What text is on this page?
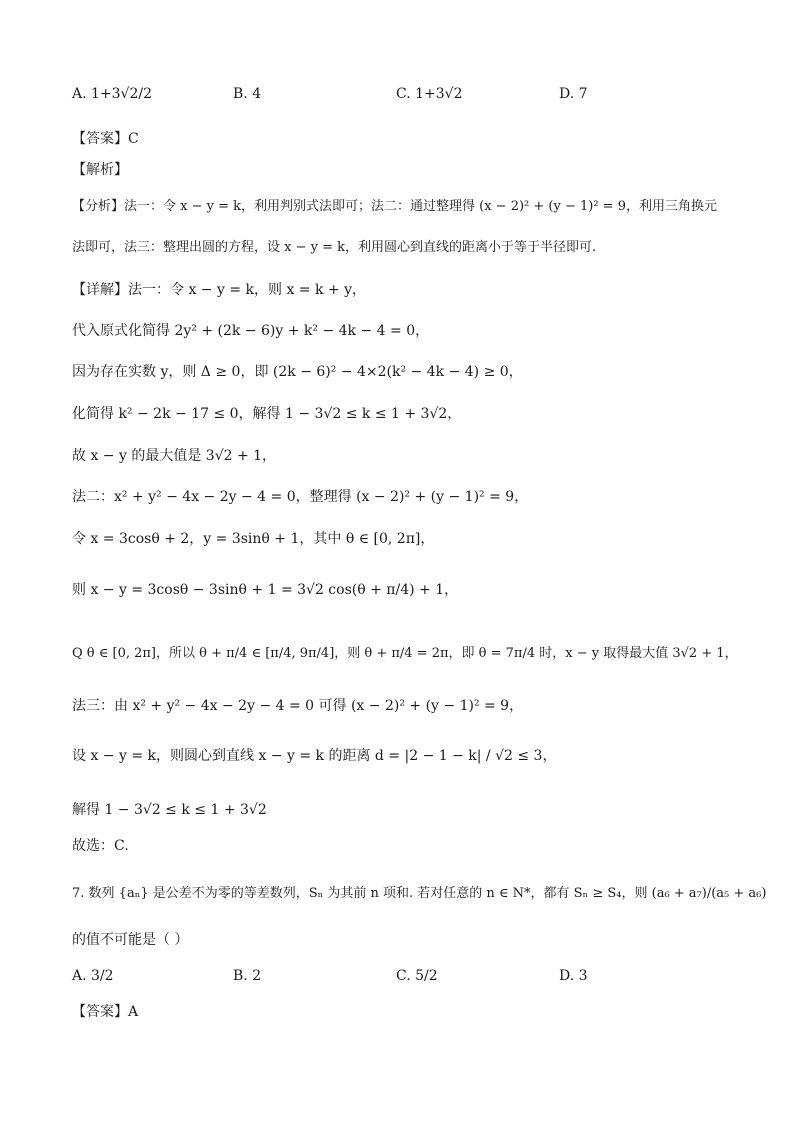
A. 1+3√2/2	B. 4	C. 1+3√2	D. 7
【答案】C
【解析】
【分析】法一：令 x − y = k，利用判别式法即可；法二：通过整理得 (x − 2)² + (y − 1)² = 9，利用三角换元
法即可，法三：整理出圆的方程，设 x − y = k，利用圆心到直线的距离小于等于半径即可.
【详解】法一：令 x − y = k，则 x = k + y，
代入原式化简得 2y² + (2k − 6)y + k² − 4k − 4 = 0，
因为存在实数 y，则 Δ ≥ 0，即 (2k − 6)² − 4×2(k² − 4k − 4) ≥ 0，
化简得 k² − 2k − 17 ≤ 0，解得 1 − 3√2 ≤ k ≤ 1 + 3√2，
故 x − y 的最大值是 3√2 + 1，
法二：x² + y² − 4x − 2y − 4 = 0，整理得 (x − 2)² + (y − 1)² = 9，
令 x = 3cosθ + 2，y = 3sinθ + 1，其中 θ ∈ [0, 2π]，
则 x − y = 3cosθ − 3sinθ + 1 = 3√2 cos(θ + π/4) + 1，
Q θ ∈ [0, 2π]，所以 θ + π/4 ∈ [π/4, 9π/4]，则 θ + π/4 = 2π，即 θ = 7π/4 时，x − y 取得最大值 3√2 + 1，
法三：由 x² + y² − 4x − 2y − 4 = 0 可得 (x − 2)² + (y − 1)² = 9，
设 x − y = k，则圆心到直线 x − y = k 的距离 d = |2 − 1 − k| / √2 ≤ 3，
解得 1 − 3√2 ≤ k ≤ 1 + 3√2
故选：C.
7. 数列 {aₙ} 是公差不为零的等差数列，Sₙ 为其前 n 项和. 若对任意的 n ∈ N*，都有 Sₙ ≥ S₄，则 (a₆ + a₇)/(a₅ + a₆)
的值不可能是（ ）
A. 3/2	B. 2	C. 5/2	D. 3
【答案】A
